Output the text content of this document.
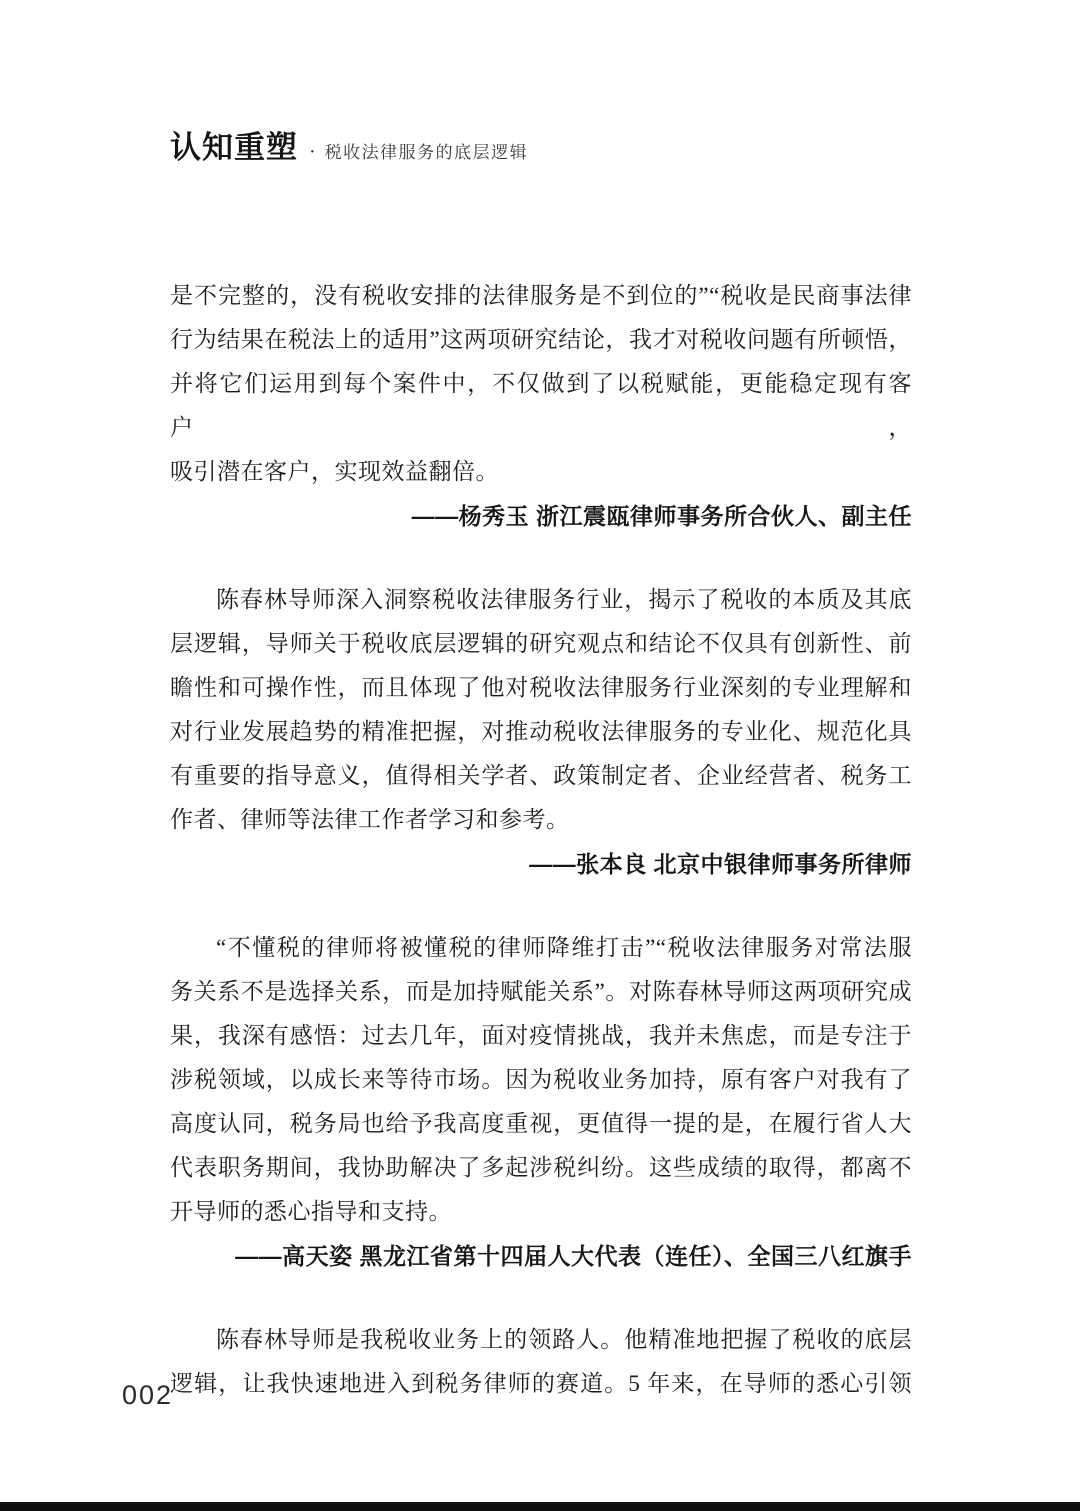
认知重塑 · 税收法律服务的底层逻辑
是不完整的，没有税收安排的法律服务是不到位的”“税收是民商事法律
行为结果在税法上的适用”这两项研究结论，我才对税收问题有所顿悟，
并将它们运用到每个案件中，不仅做到了以税赋能，更能稳定现有客户，
吸引潜在客户，实现效益翻倍。
——杨秀玉 浙江震瓯律师事务所合伙人、副主任
陈春林导师深入洞察税收法律服务行业，揭示了税收的本质及其底
层逻辑，导师关于税收底层逻辑的研究观点和结论不仅具有创新性、前
瞻性和可操作性，而且体现了他对税收法律服务行业深刻的专业理解和
对行业发展趋势的精准把握，对推动税收法律服务的专业化、规范化具
有重要的指导意义，值得相关学者、政策制定者、企业经营者、税务工
作者、律师等法律工作者学习和参考。
——张本良 北京中银律师事务所律师
“不懂税的律师将被懂税的律师降维打击”“税收法律服务对常法服
务关系不是选择关系，而是加持赋能关系”。对陈春林导师这两项研究成
果，我深有感悟：过去几年，面对疫情挑战，我并未焦虑，而是专注于
涉税领域，以成长来等待市场。因为税收业务加持，原有客户对我有了
高度认同，税务局也给予我高度重视，更值得一提的是，在履行省人大
代表职务期间，我协助解决了多起涉税纠纷。这些成绩的取得，都离不
开导师的悉心指导和支持。
——高天姿 黑龙江省第十四届人大代表（连任）、全国三八红旗手
陈春林导师是我税收业务上的领路人。他精准地把握了税收的底层
逻辑，让我快速地进入到税务律师的赛道。5 年来，在导师的悉心引领
002
